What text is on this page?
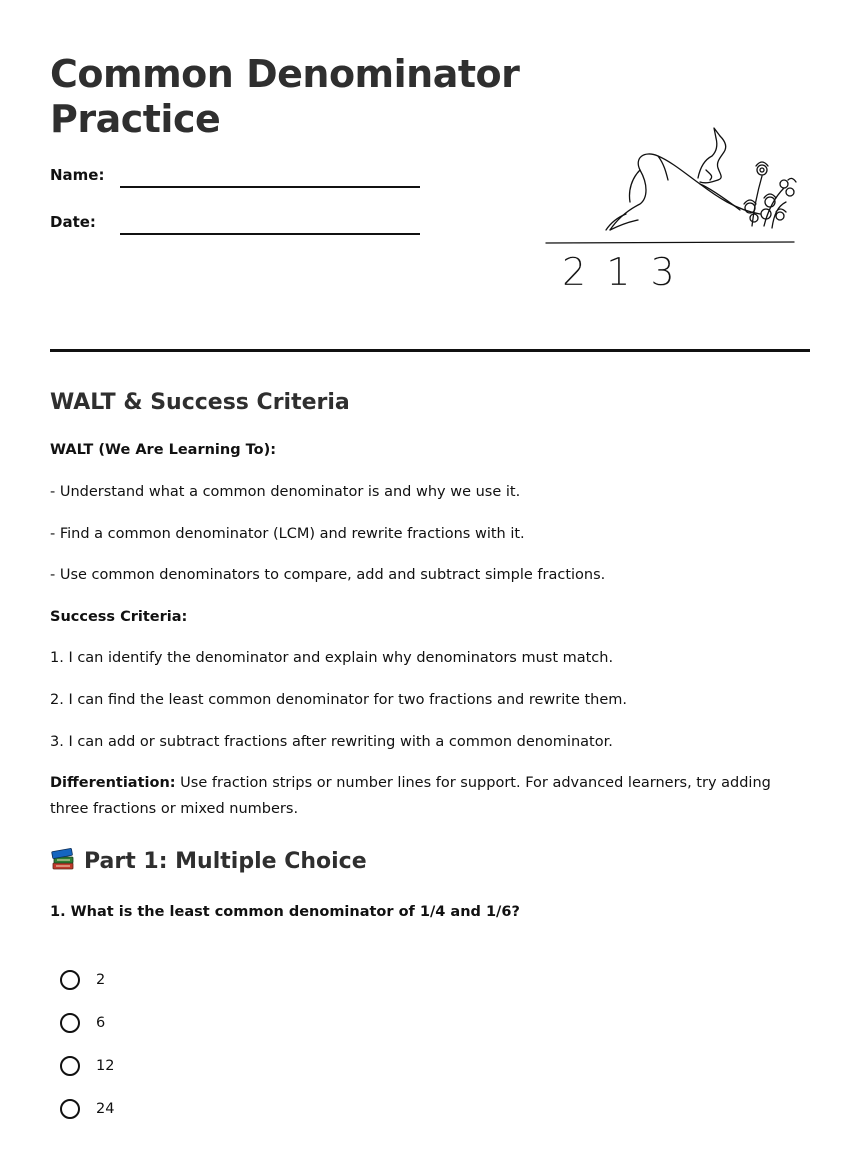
Common Denominator Practice
Name:
Date:
2 1 3
WALT & Success Criteria
WALT (We Are Learning To):
- Understand what a common denominator is and why we use it.
- Find a common denominator (LCM) and rewrite fractions with it.
- Use common denominators to compare, add and subtract simple fractions.
Success Criteria:
1. I can identify the denominator and explain why denominators must match.
2. I can find the least common denominator for two fractions and rewrite them.
3. I can add or subtract fractions after rewriting with a common denominator.
Differentiation: Use fraction strips or number lines for support. For advanced learners, try adding three fractions or mixed numbers.
Part 1: Multiple Choice
1. What is the least common denominator of 1/4 and 1/6?
2
6
12
24
